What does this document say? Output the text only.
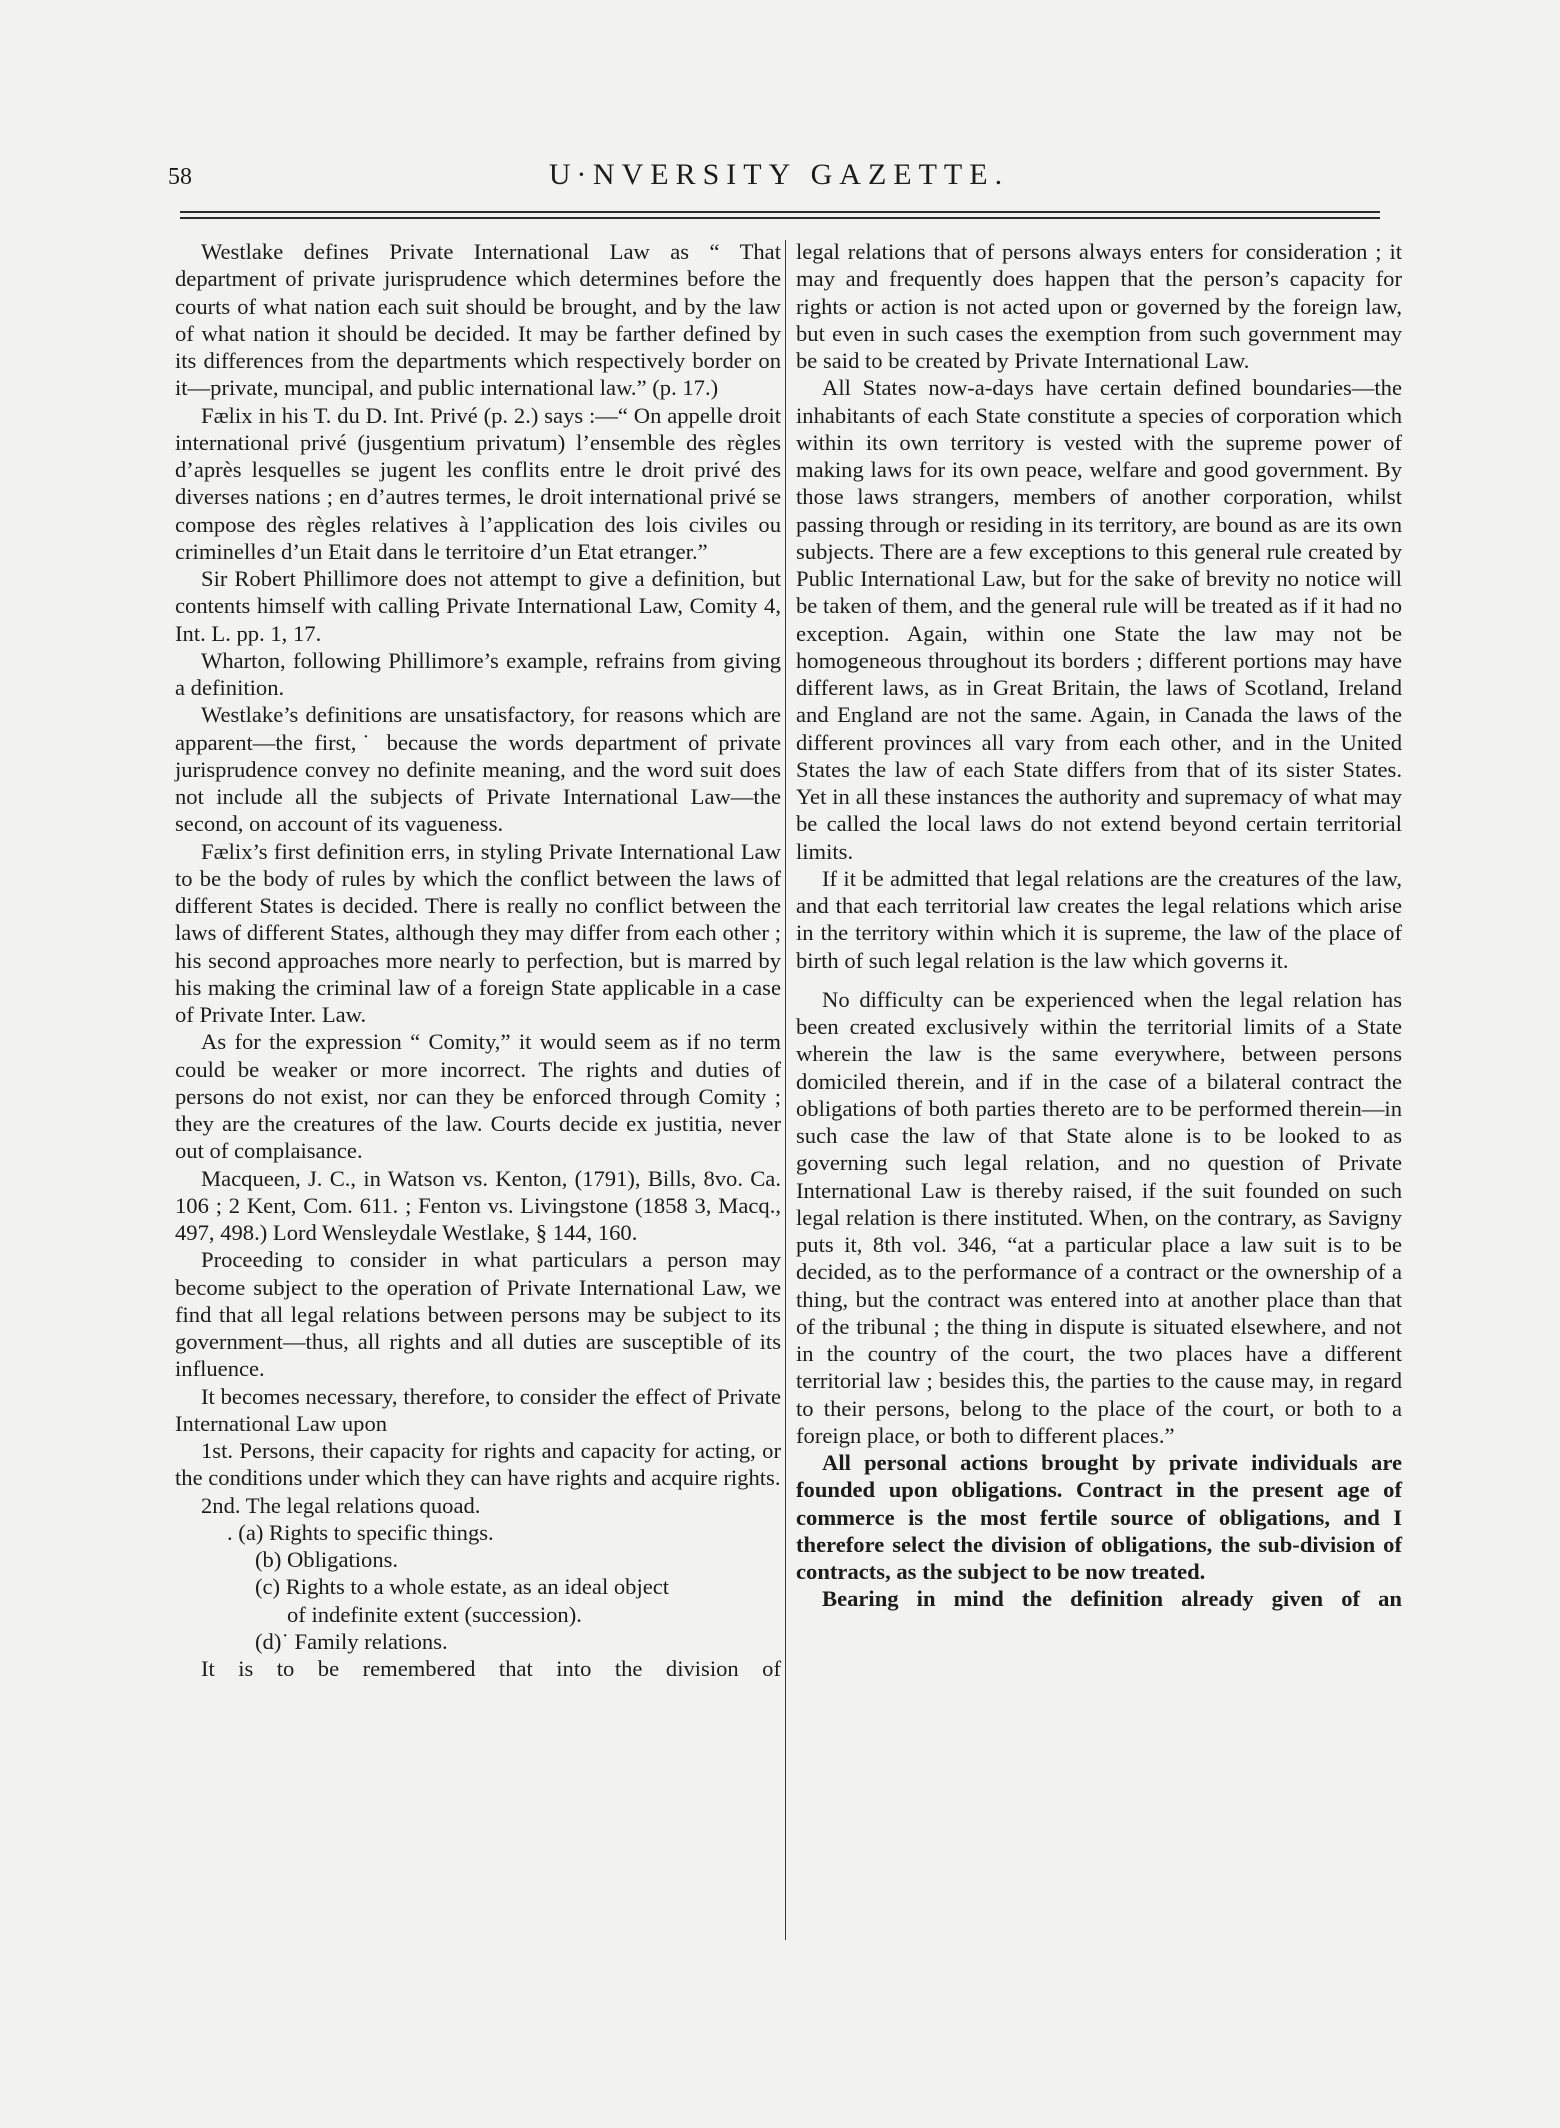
58	U·NVERSITY GAZETTE.

Westlake defines Private International Law as “ That department of private jurisprudence which determines before the courts of what nation each suit should be brought, and by the law of what nation it should be decided. It may be farther defined by its differences from the departments which respectively border on it—private, muncipal, and public international law.” (p. 17.)

Fælix in his T. du D. Int. Privé (p. 2.) says :—“ On appelle droit international privé (jusgentium privatum) l’ensemble des règles d’après lesquelles se jugent les conflits entre le droit privé des diverses nations ; en d’autres termes, le droit international privé se compose des règles relatives à l’application des lois civiles ou criminelles d’un Etait dans le territoire d’un Etat etranger.”

Sir Robert Phillimore does not attempt to give a definition, but contents himself with calling Private International Law, Comity 4, Int. L. pp. 1, 17.

Wharton, following Phillimore’s example, refrains from giving a definition.

Westlake’s definitions are unsatisfactory, for reasons which are apparent—the first,˙ because the words department of private jurisprudence convey no definite meaning, and the word suit does not include all the subjects of Private International Law—the second, on account of its vagueness.

Fælix’s first definition errs, in styling Private International Law to be the body of rules by which the conflict between the laws of different States is decided. There is really no conflict between the laws of different States, although they may differ from each other ; his second approaches more nearly to perfection, but is marred by his making the criminal law of a foreign State applicable in a case of Private Inter. Law.

As for the expression “ Comity,” it would seem as if no term could be weaker or more incorrect. The rights and duties of persons do not exist, nor can they be enforced through Comity ; they are the creatures of the law. Courts decide ex justitia, never out of complaisance.

Macqueen, J. C., in Watson vs. Kenton, (1791), Bills, 8vo. Ca. 106 ; 2 Kent, Com. 611. ; Fenton vs. Livingstone (1858 3, Macq., 497, 498.) Lord Wensleydale Westlake, § 144, 160.

Proceeding to consider in what particulars a person may become subject to the operation of Private International Law, we find that all legal relations between persons may be subject to its government—thus, all rights and all duties are susceptible of its influence.

It becomes necessary, therefore, to consider the effect of Private International Law upon

1st. Persons, their capacity for rights and capacity for acting, or the conditions under which they can have rights and acquire rights.

2nd. The legal relations quoad.

. (a) Rights to specific things.

(b) Obligations.

(c) Rights to a whole estate, as an ideal object

of indefinite extent (succession).

(d)˙ Family relations.

It is to be remembered that into the division of

legal relations that of persons always enters for consideration ; it may and frequently does happen that the person’s capacity for rights or action is not acted upon or governed by the foreign law, but even in such cases the exemption from such government may be said to be created by Private International Law.

All States now-a-days have certain defined boundaries—the inhabitants of each State constitute a species of corporation which within its own territory is vested with the supreme power of making laws for its own peace, welfare and good government. By those laws strangers, members of another corporation, whilst passing through or residing in its territory, are bound as are its own subjects. There are a few exceptions to this general rule created by Public International Law, but for the sake of brevity no notice will be taken of them, and the general rule will be treated as if it had no exception. Again, within one State the law may not be homogeneous throughout its borders ; different portions may have different laws, as in Great Britain, the laws of Scotland, Ireland and England are not the same. Again, in Canada the laws of the different provinces all vary from each other, and in the United States the law of each State differs from that of its sister States. Yet in all these instances the authority and supremacy of what may be called the local laws do not extend beyond certain territorial limits.

If it be admitted that legal relations are the creatures of the law, and that each territorial law creates the legal relations which arise in the territory within which it is supreme, the law of the place of birth of such legal relation is the law which governs it.

No difficulty can be experienced when the legal relation has been created exclusively within the territorial limits of a State wherein the law is the same everywhere, between persons domiciled therein, and if in the case of a bilateral contract the obligations of both parties thereto are to be performed therein—in such case the law of that State alone is to be looked to as governing such legal relation, and no question of Private International Law is thereby raised, if the suit founded on such legal relation is there instituted. When, on the contrary, as Savigny puts it, 8th vol. 346, “at a particular place a law suit is to be decided, as to the performance of a contract or the ownership of a thing, but the contract was entered into at another place than that of the tribunal ; the thing in dispute is situated elsewhere, and not in the country of the court, the two places have a different territorial law ; besides this, the parties to the cause may, in regard to their persons, belong to the place of the court, or both to a foreign place, or both to different places.”

All personal actions brought by private individuals are founded upon obligations. Contract in the present age of commerce is the most fertile source of obligations, and I therefore select the division of obligations, the sub-division of contracts, as the subject to be now treated.

Bearing in mind the definition already given of an
